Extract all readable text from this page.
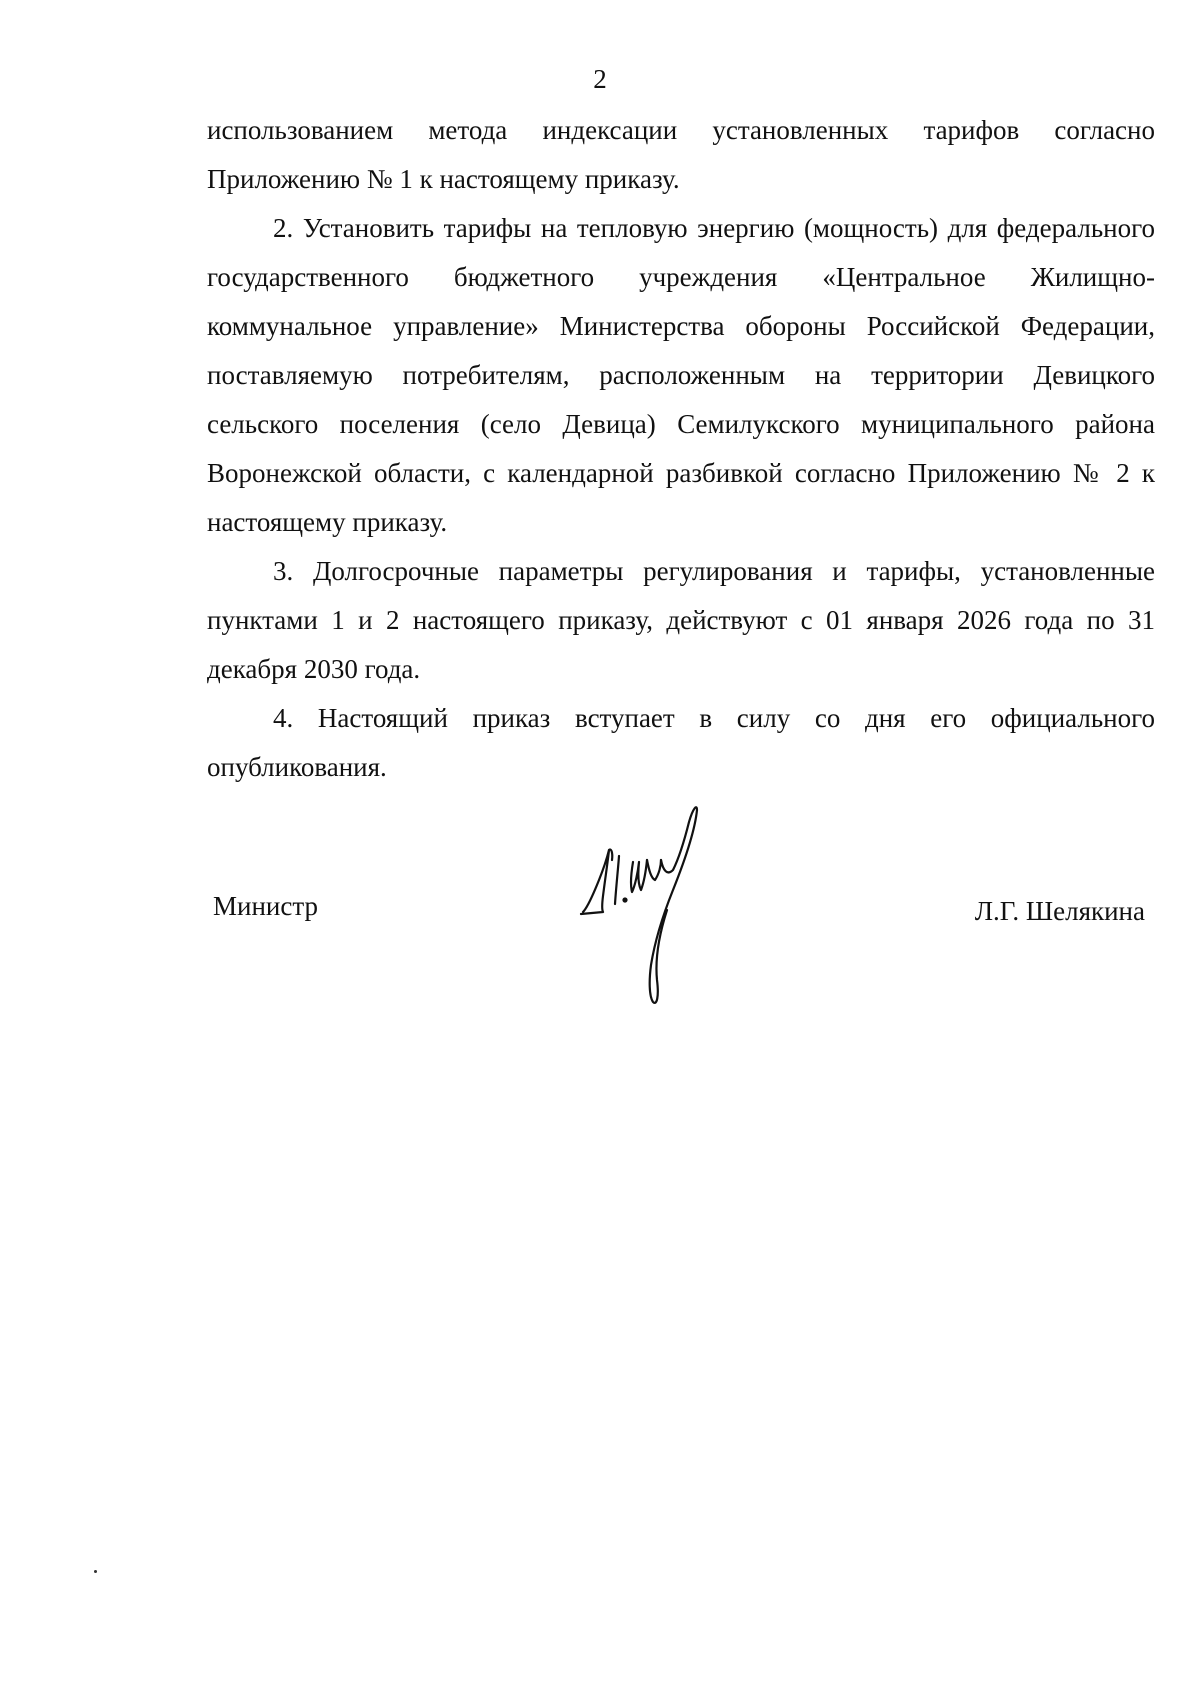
2

использованием метода индексации установленных тарифов согласно Приложению № 1 к настоящему приказу.

2. Установить тарифы на тепловую энергию (мощность) для федерального государственного бюджетного учреждения «Центральное Жилищно-коммунальное управление» Министерства обороны Российской Федерации, поставляемую потребителям, расположенным на территории Девицкого сельского поселения (село Девица) Семилукского муниципального района Воронежской области, с календарной разбивкой согласно Приложению № 2 к настоящему приказу.

3. Долгосрочные параметры регулирования и тарифы, установленные пунктами 1 и 2 настоящего приказу, действуют с 01 января 2026 года по 31 декабря 2030 года.

4. Настоящий приказ вступает в силу со дня его официального опубликования.

Министр	Л.Г. Шелякина
